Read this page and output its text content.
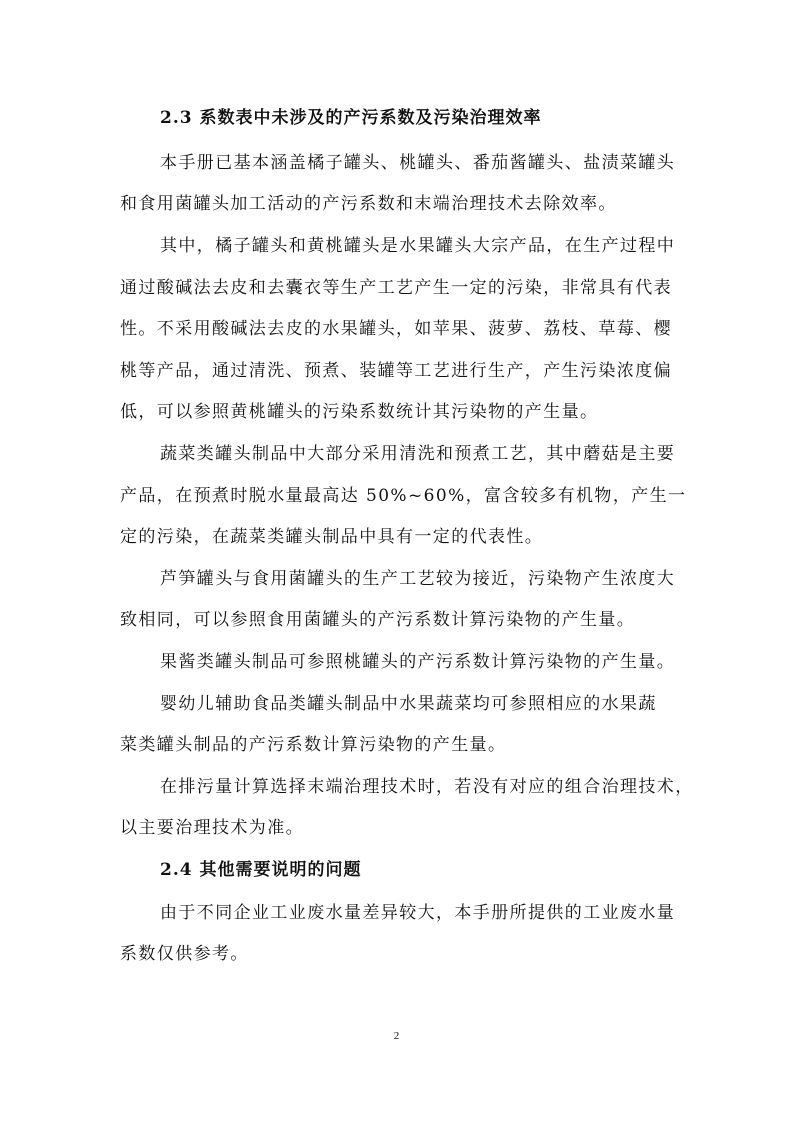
2.3 系数表中未涉及的产污系数及污染治理效率
本手册已基本涵盖橘子罐头、桃罐头、番茄酱罐头、盐渍菜罐头
和食用菌罐头加工活动的产污系数和末端治理技术去除效率。
其中，橘子罐头和黄桃罐头是水果罐头大宗产品，在生产过程中
通过酸碱法去皮和去囊衣等生产工艺产生一定的污染，非常具有代表
性。不采用酸碱法去皮的水果罐头，如苹果、菠萝、荔枝、草莓、樱
桃等产品，通过清洗、预煮、装罐等工艺进行生产，产生污染浓度偏
低，可以参照黄桃罐头的污染系数统计其污染物的产生量。
蔬菜类罐头制品中大部分采用清洗和预煮工艺，其中蘑菇是主要
产品，在预煮时脱水量最高达 50%~60%，富含较多有机物，产生一
定的污染，在蔬菜类罐头制品中具有一定的代表性。
芦笋罐头与食用菌罐头的生产工艺较为接近，污染物产生浓度大
致相同，可以参照食用菌罐头的产污系数计算污染物的产生量。
果酱类罐头制品可参照桃罐头的产污系数计算污染物的产生量。
婴幼儿辅助食品类罐头制品中水果蔬菜均可参照相应的水果蔬
菜类罐头制品的产污系数计算污染物的产生量。
在排污量计算选择末端治理技术时，若没有对应的组合治理技术，
以主要治理技术为准。
2.4 其他需要说明的问题
由于不同企业工业废水量差异较大，本手册所提供的工业废水量
系数仅供参考。
2
